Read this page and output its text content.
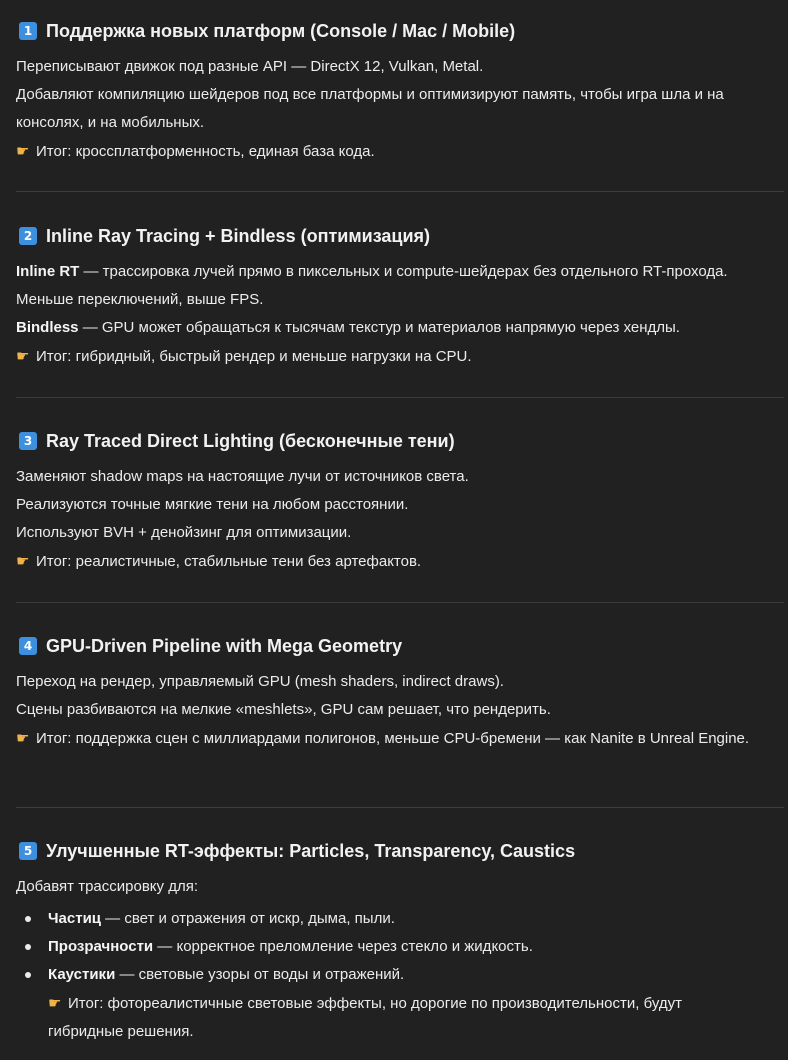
1 Поддержка новых платформ (Console / Mac / Mobile)
Переписывают движок под разные API — DirectX 12, Vulkan, Metal.
Добавляют компиляцию шейдеров под все платформы и оптимизируют память, чтобы игра шла и на консолях, и на мобильных.
☛ Итог: кроссплатформенность, единая база кода.
2 Inline Ray Tracing + Bindless (оптимизация)
Inline RT — трассировка лучей прямо в пиксельных и compute-шейдерах без отдельного RT-прохода.
Меньше переключений, выше FPS.
Bindless — GPU может обращаться к тысячам текстур и материалов напрямую через хендлы.
☛ Итог: гибридный, быстрый рендер и меньше нагрузки на CPU.
3 Ray Traced Direct Lighting (бесконечные тени)
Заменяют shadow maps на настоящие лучи от источников света.
Реализуются точные мягкие тени на любом расстоянии.
Используют BVH + денойзинг для оптимизации.
☛ Итог: реалистичные, стабильные тени без артефактов.
4 GPU-Driven Pipeline with Mega Geometry
Переход на рендер, управляемый GPU (mesh shaders, indirect draws).
Сцены разбиваются на мелкие «meshlets», GPU сам решает, что рендерить.
☛ Итог: поддержка сцен с миллиардами полигонов, меньше CPU-бремени — как Nanite в Unreal Engine.
5 Улучшенные RT-эффекты: Particles, Transparency, Caustics
Добавят трассировку для:
Частиц — свет и отражения от искр, дыма, пыли.
Прозрачности — корректное преломление через стекло и жидкость.
Каустики — световые узоры от воды и отражений.
☛ Итог: фотореалистичные световые эффекты, но дорогие по производительности, будут гибридные решения.
